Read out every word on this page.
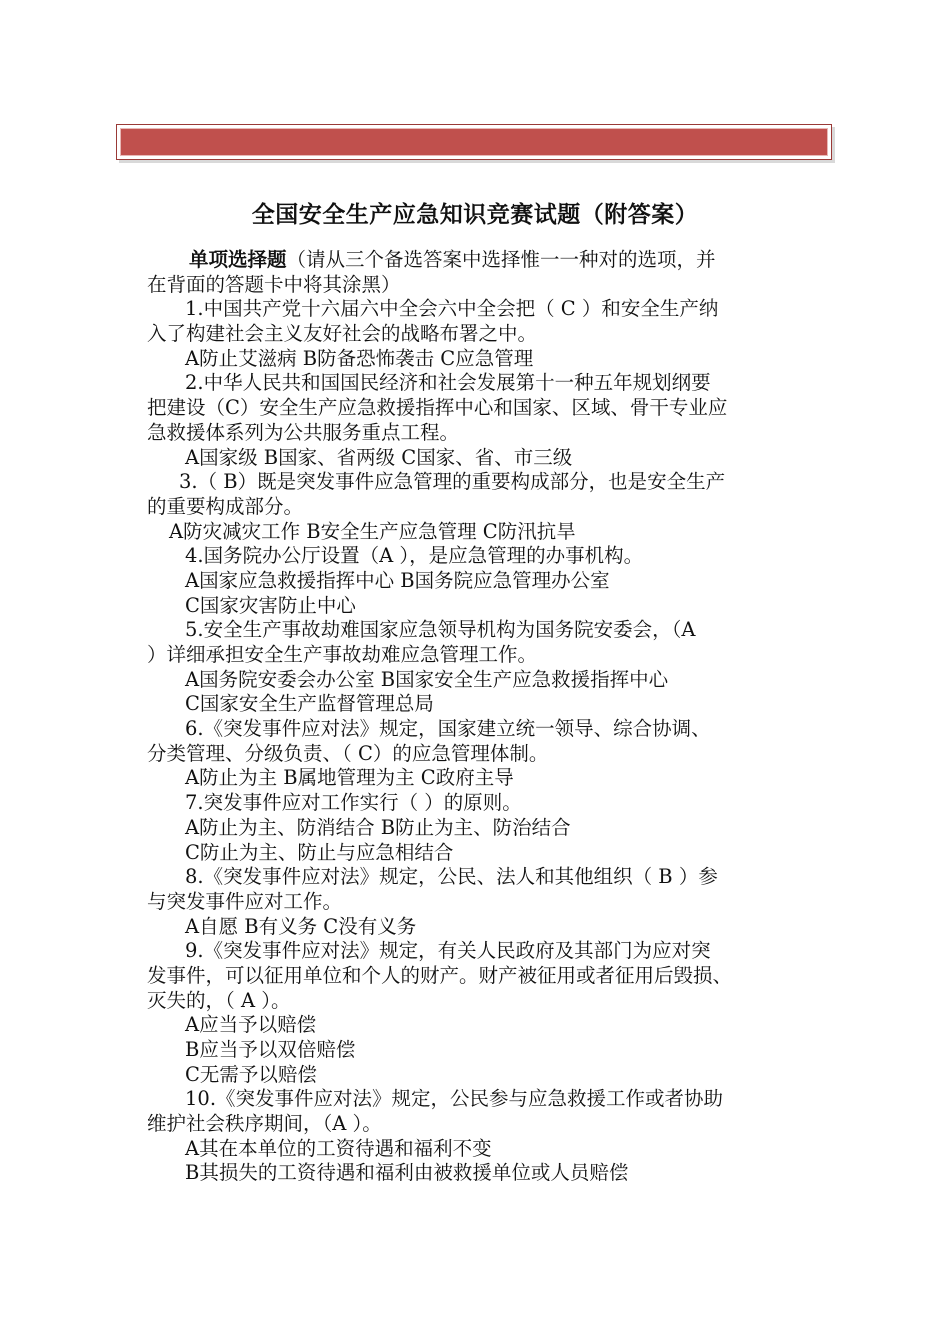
全国安全生产应急知识竞赛试题（附答案）
单项选择题（请从三个备选答案中选择惟一一种对的选项，并
在背面的答题卡中将其涂黑）
1.中国共产党十六届六中全会六中全会把（ C ）和安全生产纳
入了构建社会主义友好社会的战略布署之中。
A防止艾滋病 B防备恐怖袭击 C应急管理
2.中华人民共和国国民经济和社会发展第十一种五年规划纲要
把建设（C）安全生产应急救援指挥中心和国家、区域、骨干专业应
急救援体系列为公共服务重点工程。
A国家级 B国家、省两级 C国家、省、市三级
3.（ B）既是突发事件应急管理的重要构成部分，也是安全生产
的重要构成部分。
A防灾减灾工作 B安全生产应急管理 C防汛抗旱
4.国务院办公厅设置（A ），是应急管理的办事机构。
A国家应急救援指挥中心 B国务院应急管理办公室
C国家灾害防止中心
5.安全生产事故劫难国家应急领导机构为国务院安委会，（A
）详细承担安全生产事故劫难应急管理工作。
A国务院安委会办公室 B国家安全生产应急救援指挥中心
C国家安全生产监督管理总局
6.《突发事件应对法》规定，国家建立统一领导、综合协调、
分类管理、分级负责、（ C）的应急管理体制。
A防止为主 B属地管理为主 C政府主导
7.突发事件应对工作实行（ ）的原则。
A防止为主、防消结合 B防止为主、防治结合
C防止为主、防止与应急相结合
8.《突发事件应对法》规定，公民、法人和其他组织（ B ）参
与突发事件应对工作。
A自愿 B有义务 C没有义务
9.《突发事件应对法》规定，有关人民政府及其部门为应对突
发事件，可以征用单位和个人的财产。财产被征用或者征用后毁损、
灭失的，（ A ）。
A应当予以赔偿
B应当予以双倍赔偿
C无需予以赔偿
10.《突发事件应对法》规定，公民参与应急救援工作或者协助
维护社会秩序期间，（A ）。
A其在本单位的工资待遇和福利不变
B其损失的工资待遇和福利由被救援单位或人员赔偿
